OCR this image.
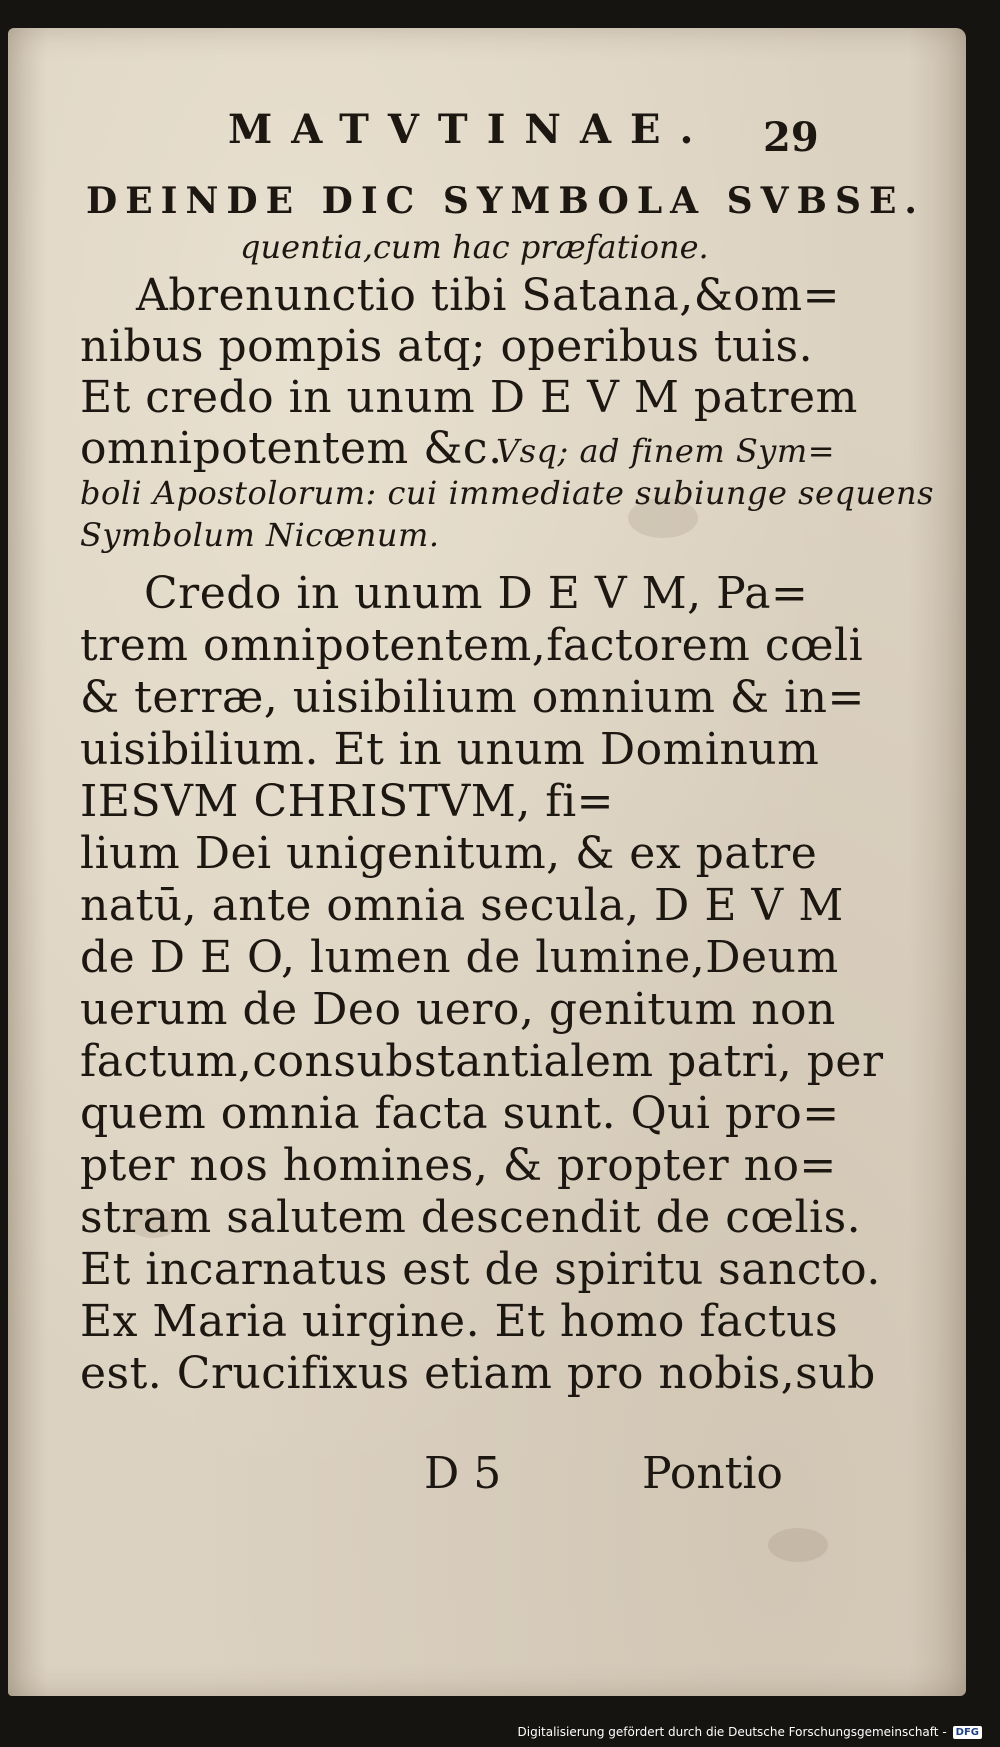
MATVTINAE. 29
DEINDE DIC SYMBOLA SVBSE.
quentia,cum hac præfatione.
Abrenunctio tibi Satana,&om=
nibus pompis atq; operibus tuis.
Et credo in unum D E V M patrem
omnipotentem &c.
Vsq; ad finem Sym=
boli Apostolorum: cui immediate subiunge sequens
Symbolum Nicœnum.
Credo in unum D E V M, Pa=
trem omnipotentem,factorem cœli
& terræ, uisibilium omnium & in=
uisibilium. Et in unum Dominum
IESVM CHRISTVM, fi=
lium Dei unigenitum, & ex patre
natū, ante omnia secula, D E V M
de D E O, lumen de lumine,Deum
uerum de Deo uero, genitum non
factum,consubstantialem patri, per
quem omnia facta sunt. Qui pro=
pter nos homines, & propter no=
stram salutem descendit de cœlis.
Et incarnatus est de spiritu sancto.
Ex Maria uirgine. Et homo factus
est. Crucifixus etiam pro nobis,sub
D 5	Pontio
Digitalisierung gefördert durch die Deutsche Forschungsgemeinschaft - DFG
